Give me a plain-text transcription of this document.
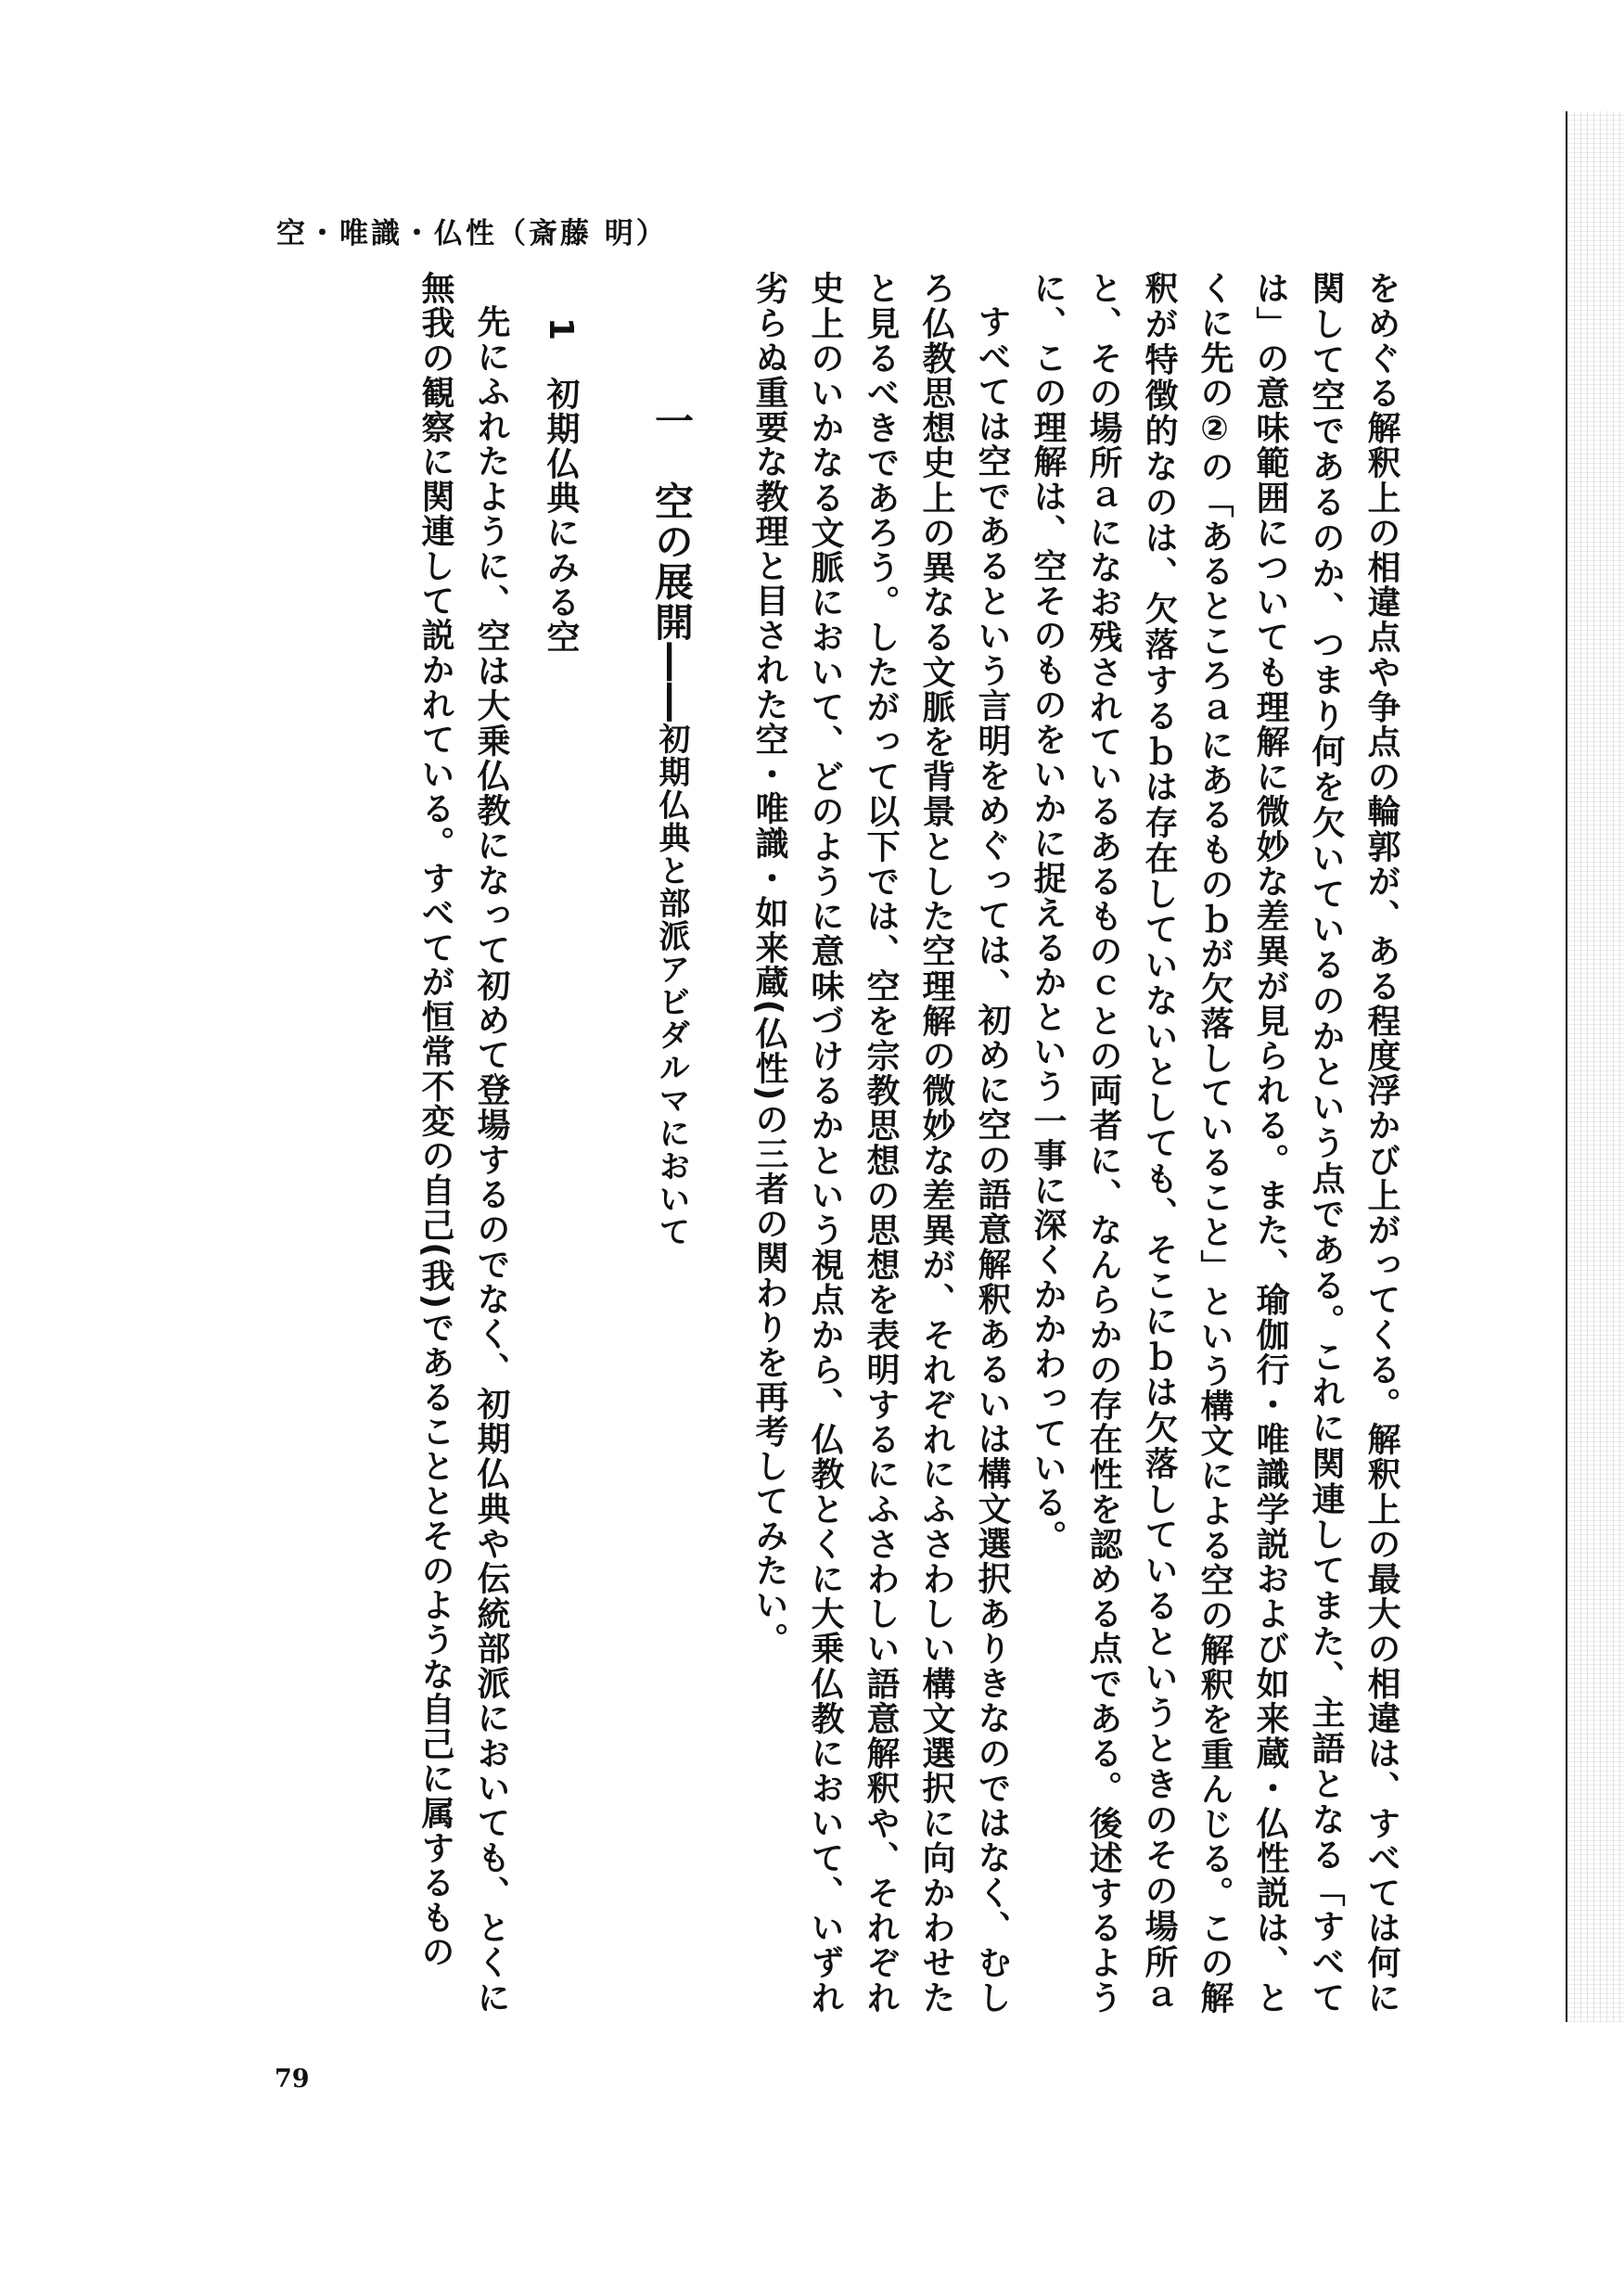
空・唯識・仏性（斎藤 明）

をめぐる解釈上の相違点や争点の輪郭が、ある程度浮かび上がってくる。解釈上の最大の相違は、すべては何に関して空であるのか、つまり何を欠いているのかという点である。これに関連してまた、主語となる「すべては」の意味範囲についても理解に微妙な差異が見られる。また、瑜伽行・唯識学説および如来蔵・仏性説は、とくに先の②の「あるところａにあるものｂが欠落していること」という構文による空の解釈を重んじる。この解釈が特徴的なのは、欠落するｂは存在していないとしても、そこにｂは欠落しているというときのその場所ａと、その場所ａになお残されているあるものｃとの両者に、なんらかの存在性を認める点である。後述するように、この理解は、空そのものをいかに捉えるかという一事に深くかかわっている。

すべては空であるという言明をめぐっては、初めに空の語意解釈あるいは構文選択ありきなのではなく、むしろ仏教思想史上の異なる文脈を背景とした空理解の微妙な差異が、それぞれにふさわしい構文選択に向かわせたと見るべきであろう。したがって以下では、空を宗教思想の思想を表明するにふさわしい語意解釈や、それぞれ史上のいかなる文脈において、どのように意味づけるかという視点から、仏教とくに大乗仏教において、いずれ劣らぬ重要な教理と目された空・唯識・如来蔵(仏性)の三者の関わりを再考してみたい。

一　空の展開――初期仏典と部派アビダルマにおいて
1　初期仏典にみる空

先にふれたように、空は大乗仏教になって初めて登場するのでなく、初期仏典や伝統部派においても、とくに無我の観察に関連して説かれている。すべてが恒常不変の自己(我)であることとそのような自己に属するもの

79
